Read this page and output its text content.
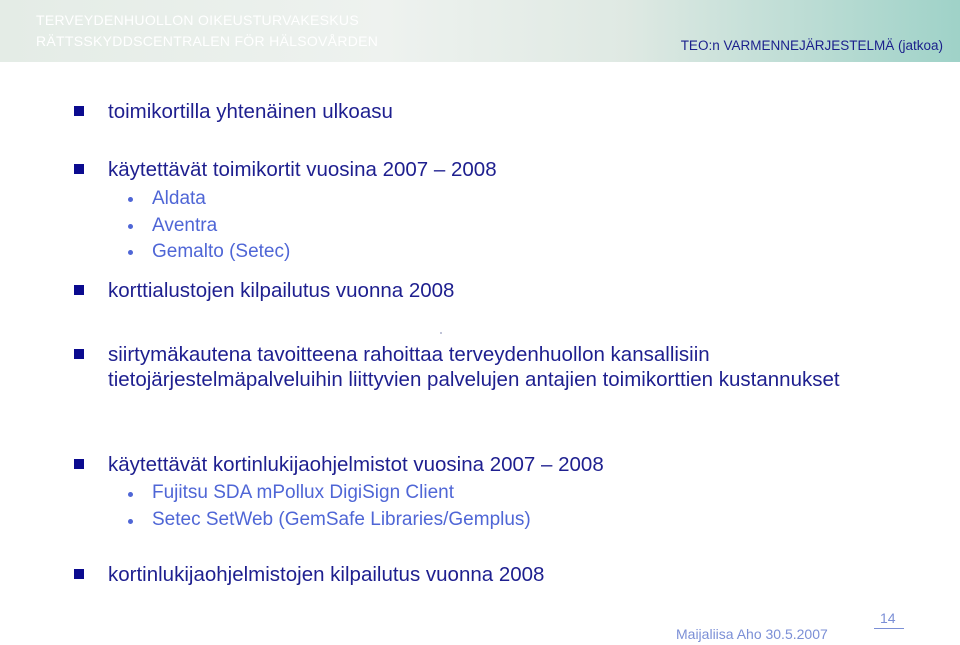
TERVEYDENHUOLLON OIKEUSTURVAKESKUS
RÄTTSSKYDDSCENTRALEN FÖR HÄLSOVÅRDEN	TEO:n VARMENNEJÄRJESTELMÄ (jatkoa)
toimikortilla yhtenäinen ulkoasu
käytettävät toimikortit vuosina 2007 – 2008
Aldata
Aventra
Gemalto (Setec)
korttialustojen kilpailutus vuonna 2008
siirtymäkautena tavoitteena rahoittaa terveydenhuollon kansallisiin tietojärjestelmäpalveluihin liittyvien palvelujen antajien toimikorttien kustannukset
käytettävät kortinlukijaohjelmistot vuosina 2007 – 2008
Fujitsu SDA mPollux DigiSign Client
Setec SetWeb (GemSafe Libraries/Gemplus)
kortinlukijaohjelmistojen kilpailutus vuonna 2008
14
Maijaliisa Aho 30.5.2007
